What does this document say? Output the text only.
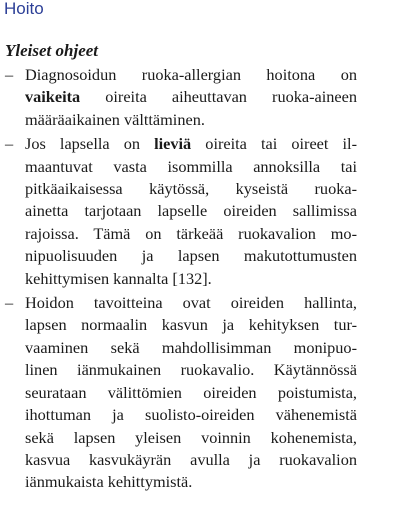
Hoito
Yleiset ohjeet
– Diagnosoidun ruoka-allergian hoitona on
vaikeita oireita aiheuttavan ruoka-aineen
määräaikainen välttäminen.
– Jos lapsella on lieviä oireita tai oireet il-
maantuvat vasta isommilla annoksilla tai
pitkäaikaisessa käytössä, kyseistä ruoka-
ainetta tarjotaan lapselle oireiden sallimissa
rajoissa. Tämä on tärkeää ruokavalion mo-
nipuolisuuden ja lapsen makutottumusten
kehittymisen kannalta [132].
– Hoidon tavoitteina ovat oireiden hallinta,
lapsen normaalin kasvun ja kehityksen tur-
vaaminen sekä mahdollisimman monipuo-
linen iänmukainen ruokavalio. Käytännössä
seurataan välittömien oireiden poistumista,
ihottuman ja suolisto-oireiden vähenemistä
sekä lapsen yleisen voinnin kohenemista,
kasvua kasvukäyrän avulla ja ruokavalion
iänmukaista kehittymistä.
